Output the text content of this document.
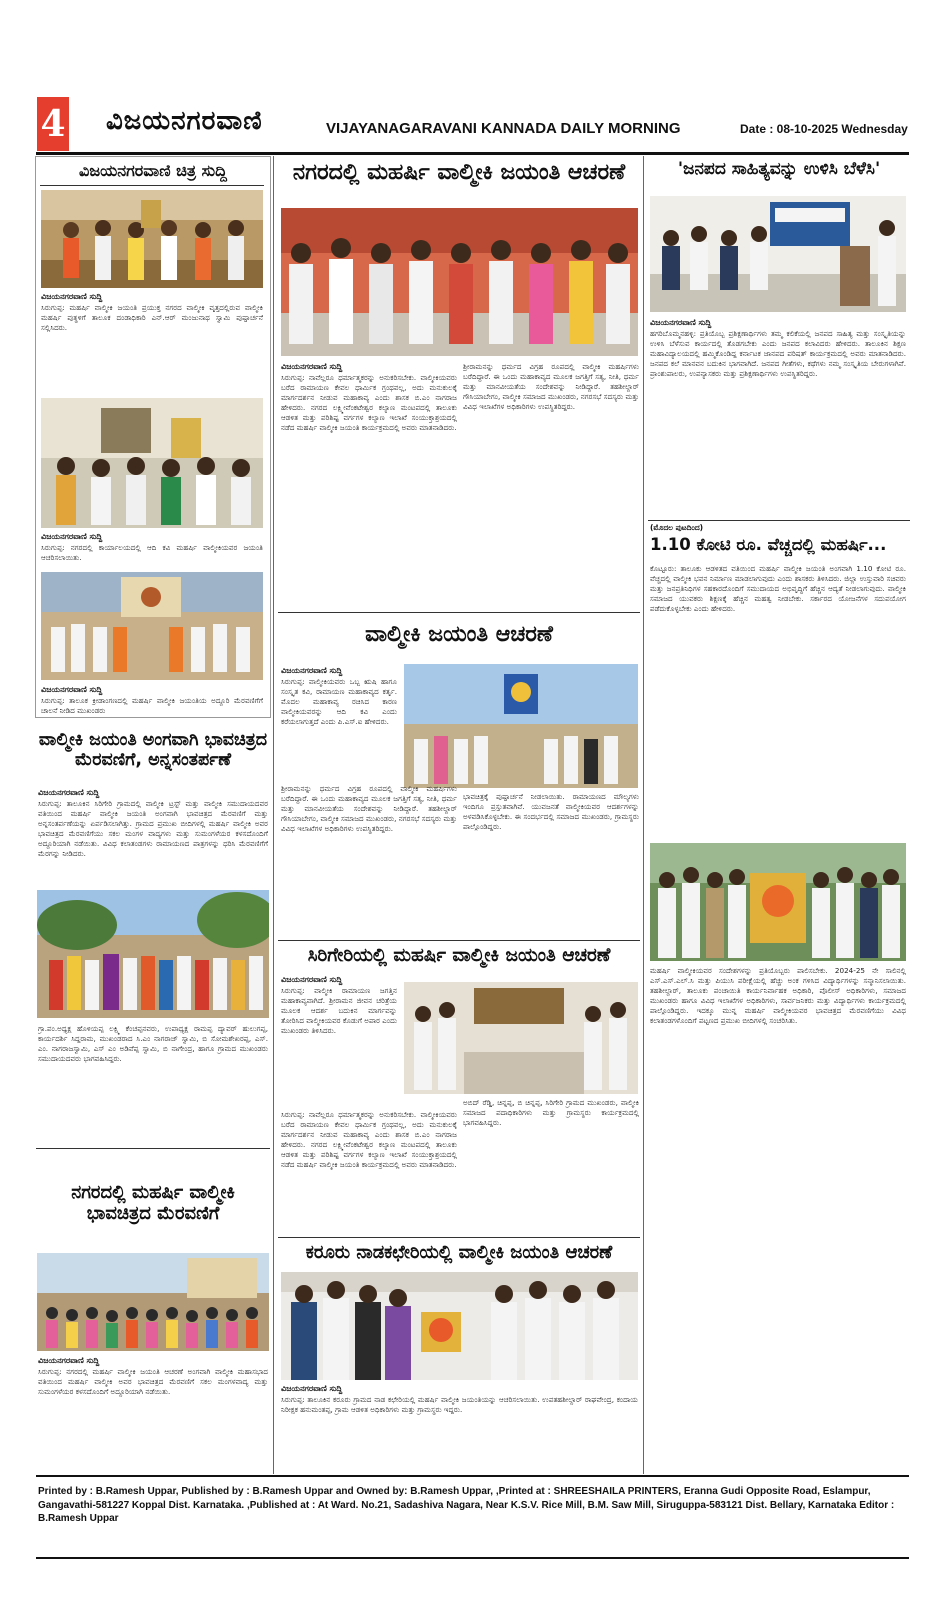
4 ವಿಜಯನಗರವಾಣಿ	VIJAYANAGARAVANI KANNADA DAILY MORNING	Date : 08-10-2025 Wednesday
ವಿಜಯನಗರವಾಣಿ ಚಿತ್ರ ಸುದ್ದಿ
ವಿಜಯನಗರವಾಣಿ ಸುದ್ದಿ
ಸಿರುಗುಪ್ಪ: ಮಹರ್ಷಿ ವಾಲ್ಮೀಕಿ ಜಯಂತಿ ಪ್ರಯುಕ್ತ ನಗರದ ವಾಲ್ಮೀಕಿ ವೃತ್ತದಲ್ಲಿರುವ ವಾಲ್ಮೀಕಿ ಮಹರ್ಷಿ ಪುತ್ಥಳಿಗೆ ತಾಲೂಕ ದಂಡಾಧಿಕಾರಿ ಎನ್.ಆರ್ ಮಂಜುನಾಥ ಸ್ವಾಮಿ ಪುಷ್ಪಾರ್ಚನೆ ಸಲ್ಲಿಸಿದರು.
ವಿಜಯನಗರವಾಣಿ ಸುದ್ದಿ
ಸಿರುಗುಪ್ಪ: ನಗರದಲ್ಲಿ ಕಾರ್ಯಾಲಯದಲ್ಲಿ ಆದಿ ಕವಿ ಮಹರ್ಷಿ ವಾಲ್ಮೀಕಿಯವರ ಜಯಂತಿ ಆಚರಿಸಲಾಯಿತು.
ವಿಜಯನಗರವಾಣಿ ಸುದ್ದಿ
ಸಿರುಗುಪ್ಪ: ತಾಲೂಕ ಕ್ರೀಡಾಂಗಣದಲ್ಲಿ ಮಹರ್ಷಿ ವಾಲ್ಮೀಕಿ ಜಯಂತಿಯ ಅದ್ದೂರಿ ಮೆರವಣಿಗೆಗೆ ಚಾಲನೆ ನೀಡಿದ ಮುಖಂಡರು
ವಾಲ್ಮೀಕಿ ಜಯಂತಿ ಅಂಗವಾಗಿ ಭಾವಚಿತ್ರದ ಮೆರವಣಿಗೆ, ಅನ್ನಸಂತರ್ಪಣೆ
ವಿಜಯನಗರವಾಣಿ ಸುದ್ದಿ
ಸಿರುಗುಪ್ಪ: ತಾಲೂಕಿನ ಸಿರಿಗೇರಿ ಗ್ರಾಮದಲ್ಲಿ ವಾಲ್ಮೀಕಿ ಟ್ರಸ್ಟ್ ಮತ್ತು ವಾಲ್ಮೀಕಿ ಸಮುದಾಯದವರ ವತಿಯಿಂದ ಮಹರ್ಷಿ ವಾಲ್ಮೀಕಿ ಜಯಂತಿ ಅಂಗವಾಗಿ ಭಾವಚಿತ್ರದ ಮೆರವಣಿಗೆ ಮತ್ತು ಅನ್ನಸಂತರ್ಪಣೆಯನ್ನು ಏರ್ಪಡಿಸಲಾಗಿತ್ತು. ಗ್ರಾಮದ ಪ್ರಮುಖ ಬೀದಿಗಳಲ್ಲಿ ಮಹರ್ಷಿ ವಾಲ್ಮೀಕಿ ಅವರ ಭಾವಚಿತ್ರದ ಮೆರವಣಿಗೆಯು ಸಕಲ ಮಂಗಳ ವಾದ್ಯಗಳು ಮತ್ತು ಸುಮಂಗಳೆಯರ ಕಳಸದೊಂದಿಗೆ ಅದ್ದೂರಿಯಾಗಿ ನಡೆಯಿತು. ವಿವಿಧ ಕಲಾತಂಡಗಳು ರಾಮಾಯಣದ ಪಾತ್ರಗಳನ್ನು ಧರಿಸಿ ಮೆರವಣಿಗೆಗೆ ಮೆರಗನ್ನು ನೀಡಿದರು.
ಗ್ರಾ.ಪಂ.ಅಧ್ಯಕ್ಷ ಹೊಳಿಯಪ್ಪ ಲಕ್ಷ್ಮಿ ಕೆಂಚಪ್ಪನವರು, ಉಪಾಧ್ಯಕ್ಷ ರಾಮಪ್ಪ ದ್ಯಾವರ್ ಹುಲುಗಪ್ಪ, ಕಾರ್ಯದರ್ಶಿ ಸಿದ್ದರಾಮ, ಮುಖಂಡರಾದ ಸಿ.ಎಂ ನಾಗರಾಜ್ ಸ್ವಾಮಿ, ಬಿ ಸೋಮಶೇಖರಪ್ಪ, ಎಸ್. ಎಂ. ನಾಗರಾಜಸ್ವಾಮಿ, ಎಸ್ ಎಂ ಅಡಿವೆಪ್ಪ ಸ್ವಾಮಿ, ಬಿ ನಾಗೇಂದ್ರ, ಹಾಗೂ ಗ್ರಾಮದ ಮುಖಂಡರು ಸಮುದಾಯದವರು ಭಾಗವಹಿಸಿದ್ದರು.
ನಗರದಲ್ಲಿ ಮಹರ್ಷಿ ವಾಲ್ಮೀಕಿ ಭಾವಚಿತ್ರದ ಮೆರವಣಿಗೆ
ವಿಜಯನಗರವಾಣಿ ಸುದ್ದಿ
ಸಿರುಗುಪ್ಪ: ನಗರದಲ್ಲಿ ಮಹರ್ಷಿ ವಾಲ್ಮೀಕಿ ಜಯಂತಿ ಆಚರಣೆ ಅಂಗವಾಗಿ ವಾಲ್ಮೀಕಿ ಮಹಾಸಭಾದ ವತಿಯಿಂದ ಮಹರ್ಷಿ ವಾಲ್ಮೀಕಿ ಅವರ ಭಾವಚಿತ್ರದ ಮೆರವಣಿಗೆ ಸಕಲ ಮಂಗಳವಾದ್ಯ ಮತ್ತು ಸುಮಂಗಳೆಯರ ಕಳಸದೊಂದಿಗೆ ಅದ್ದೂರಿಯಾಗಿ ನಡೆಯಿತು.
ನಗರದಲ್ಲಿ ಮಹರ್ಷಿ ವಾಲ್ಮೀಕಿ ಜಯಂತಿ ಆಚರಣೆ
ವಿಜಯನಗರವಾಣಿ ಸುದ್ದಿ
ಸಿರುಗುಪ್ಪ: ನಾವೆಲ್ಲರೂ ಧರ್ಮಾತ್ಮಕರನ್ನು ಅನುಕರಿಸಬೇಕು. ವಾಲ್ಮೀಕಿಯವರು ಬರೆದ ರಾಮಾಯಣ ಕೇವಲ ಧಾರ್ಮಿಕ ಗ್ರಂಥವಲ್ಲ, ಅದು ಮನುಕುಲಕ್ಕೆ ಮಾರ್ಗದರ್ಶನ ನೀಡುವ ಮಹಾಕಾವ್ಯ ಎಂದು ಶಾಸಕ ಬಿ.ಎಂ ನಾಗರಾಜ ಹೇಳಿದರು. ನಗರದ ಲಕ್ಷ್ಮೀವೆಂಕಟೇಶ್ವರ ಕಲ್ಯಾಣ ಮಂಟಪದಲ್ಲಿ ತಾಲೂಕು ಆಡಳಿತ ಮತ್ತು ಪರಿಶಿಷ್ಟ ವರ್ಗಗಳ ಕಲ್ಯಾಣ ಇಲಾಖೆ ಸಂಯುಕ್ತಾಶ್ರಯದಲ್ಲಿ ನಡೆದ ಮಹರ್ಷಿ ವಾಲ್ಮೀಕಿ ಜಯಂತಿ ಕಾರ್ಯಕ್ರಮದಲ್ಲಿ ಅವರು ಮಾತನಾಡಿದರು.
ಶ್ರೀರಾಮನನ್ನು ಧರ್ಮದ ವಿಗ್ರಹ ರೂಪದಲ್ಲಿ ವಾಲ್ಮೀಕಿ ಮಹರ್ಷಿಗಳು ಬರೆದಿದ್ದಾರೆ. ಈ ಒಂದು ಮಹಾಕಾವ್ಯದ ಮೂಲಕ ಜಗತ್ತಿಗೆ ಸತ್ಯ, ನೀತಿ, ಧರ್ಮ ಮತ್ತು ಮಾನವೀಯತೆಯ ಸಂದೇಶವನ್ನು ನೀಡಿದ್ದಾರೆ. ತಹಶೀಲ್ದಾರ್ ಗೌಸಿಯಾಬೇಗಂ, ವಾಲ್ಮೀಕಿ ಸಮಾಜದ ಮುಖಂಡರು, ನಗರಸಭೆ ಸದಸ್ಯರು ಮತ್ತು ವಿವಿಧ ಇಲಾಖೆಗಳ ಅಧಿಕಾರಿಗಳು ಉಪಸ್ಥಿತರಿದ್ದರು.
ವಾಲ್ಮೀಕಿ ಜಯಂತಿ ಆಚರಣೆ
ವಿಜಯನಗರವಾಣಿ ಸುದ್ದಿ
ಸಿರುಗುಪ್ಪ: ವಾಲ್ಮೀಕಿಯವರು ಒಬ್ಬ ಋಷಿ ಹಾಗೂ ಸಂಸ್ಕೃತ ಕವಿ, ರಾಮಾಯಣ ಮಹಾಕಾವ್ಯದ ಕರ್ತೃ. ಮೊದಲ ಮಹಾಕಾವ್ಯ ರಚಿಸಿದ ಕಾರಣ ವಾಲ್ಮೀಕಿಯವರನ್ನು ಆದಿ ಕವಿ ಎಂದು ಕರೆಯಲಾಗುತ್ತದೆ ಎಂದು ಪಿ.ಎಸ್.ಐ ಹೇಳಿದರು.
ಭಾವಚಿತ್ರಕ್ಕೆ ಪುಷ್ಪಾರ್ಚನೆ ನೀಡಲಾಯಿತು. ರಾಮಾಯಣದ ಮೌಲ್ಯಗಳು ಇಂದಿಗೂ ಪ್ರಸ್ತುತವಾಗಿವೆ. ಯುವಜನತೆ ವಾಲ್ಮೀಕಿಯವರ ಆದರ್ಶಗಳನ್ನು ಅಳವಡಿಸಿಕೊಳ್ಳಬೇಕು. ಈ ಸಂದರ್ಭದಲ್ಲಿ ಸಮಾಜದ ಮುಖಂಡರು, ಗ್ರಾಮಸ್ಥರು ಪಾಲ್ಗೊಂಡಿದ್ದರು.
ಶ್ರೀರಾಮನನ್ನು ಧರ್ಮದ ವಿಗ್ರಹ ರೂಪದಲ್ಲಿ ವಾಲ್ಮೀಕಿ ಮಹರ್ಷಿಗಳು ಬರೆದಿದ್ದಾರೆ. ಈ ಒಂದು ಮಹಾಕಾವ್ಯದ ಮೂಲಕ ಜಗತ್ತಿಗೆ ಸತ್ಯ, ನೀತಿ, ಧರ್ಮ ಮತ್ತು ಮಾನವೀಯತೆಯ ಸಂದೇಶವನ್ನು ನೀಡಿದ್ದಾರೆ. ತಹಶೀಲ್ದಾರ್ ಗೌಸಿಯಾಬೇಗಂ, ವಾಲ್ಮೀಕಿ ಸಮಾಜದ ಮುಖಂಡರು, ನಗರಸಭೆ ಸದಸ್ಯರು ಮತ್ತು ವಿವಿಧ ಇಲಾಖೆಗಳ ಅಧಿಕಾರಿಗಳು ಉಪಸ್ಥಿತರಿದ್ದರು.
ಸಿರಿಗೇರಿಯಲ್ಲಿ ಮಹರ್ಷಿ ವಾಲ್ಮೀಕಿ ಜಯಂತಿ ಆಚರಣೆ
ವಿಜಯನಗರವಾಣಿ ಸುದ್ದಿ
ಸಿರುಗುಪ್ಪ: ವಾಲ್ಮೀಕಿ ರಾಮಾಯಣ ಜಗತ್ತಿನ ಮಹಾಕಾವ್ಯವಾಗಿದೆ. ಶ್ರೀರಾಮನ ಜೀವನ ಚರಿತ್ರೆಯ ಮೂಲಕ ಆದರ್ಶ ಬದುಕಿನ ಮಾರ್ಗವನ್ನು ತೋರಿಸಿದ ವಾಲ್ಮೀಕಿಯವರ ಕೊಡುಗೆ ಅಪಾರ ಎಂದು ಮುಖಂಡರು ತಿಳಿಸಿದರು.
ಸಿರುಗುಪ್ಪ: ನಾವೆಲ್ಲರೂ ಧರ್ಮಾತ್ಮಕರನ್ನು ಅನುಕರಿಸಬೇಕು. ವಾಲ್ಮೀಕಿಯವರು ಬರೆದ ರಾಮಾಯಣ ಕೇವಲ ಧಾರ್ಮಿಕ ಗ್ರಂಥವಲ್ಲ, ಅದು ಮನುಕುಲಕ್ಕೆ ಮಾರ್ಗದರ್ಶನ ನೀಡುವ ಮಹಾಕಾವ್ಯ ಎಂದು ಶಾಸಕ ಬಿ.ಎಂ ನಾಗರಾಜ ಹೇಳಿದರು. ನಗರದ ಲಕ್ಷ್ಮೀವೆಂಕಟೇಶ್ವರ ಕಲ್ಯಾಣ ಮಂಟಪದಲ್ಲಿ ತಾಲೂಕು ಆಡಳಿತ ಮತ್ತು ಪರಿಶಿಷ್ಟ ವರ್ಗಗಳ ಕಲ್ಯಾಣ ಇಲಾಖೆ ಸಂಯುಕ್ತಾಶ್ರಯದಲ್ಲಿ ನಡೆದ ಮಹರ್ಷಿ ವಾಲ್ಮೀಕಿ ಜಯಂತಿ ಕಾರ್ಯಕ್ರಮದಲ್ಲಿ ಅವರು ಮಾತನಾಡಿದರು.
ಅಬಿದ್ ರೆಡ್ಡಿ, ಚಿನ್ನಪ್ಪ, ಬಿ ಚಿನ್ನಪ್ಪ, ಸಿರಿಗೇರಿ ಗ್ರಾಮದ ಮುಖಂಡರು, ವಾಲ್ಮೀಕಿ ಸಮಾಜದ ಪದಾಧಿಕಾರಿಗಳು ಮತ್ತು ಗ್ರಾಮಸ್ಥರು ಕಾರ್ಯಕ್ರಮದಲ್ಲಿ ಭಾಗವಹಿಸಿದ್ದರು.
ಕರೂರು ನಾಡಕಛೇರಿಯಲ್ಲಿ ವಾಲ್ಮೀಕಿ ಜಯಂತಿ ಆಚರಣೆ
ವಿಜಯನಗರವಾಣಿ ಸುದ್ದಿ
ಸಿರುಗುಪ್ಪ: ತಾಲೂಕಿನ ಕರೂರು ಗ್ರಾಮದ ನಾಡ ಕಛೇರಿಯಲ್ಲಿ ಮಹರ್ಷಿ ವಾಲ್ಮೀಕಿ ಜಯಂತಿಯನ್ನು ಆಚರಿಸಲಾಯಿತು. ಉಪತಹಶೀಲ್ದಾರ್ ರಾಘವೇಂದ್ರ, ಕಂದಾಯ ನಿರೀಕ್ಷಕ ಹನುಮಂತಪ್ಪ, ಗ್ರಾಮ ಆಡಳಿತ ಅಧಿಕಾರಿಗಳು ಮತ್ತು ಗ್ರಾಮಸ್ಥರು ಇದ್ದರು.
'ಜನಪದ ಸಾಹಿತ್ಯವನ್ನು ಉಳಿಸಿ ಬೆಳೆಸಿ'
ವಿಜಯನಗರವಾಣಿ ಸುದ್ದಿ
ಹಗರಿಬೊಮ್ಮನಹಳ್ಳಿ: ಪ್ರತಿಯೊಬ್ಬ ಪ್ರಶಿಕ್ಷಣಾರ್ಥಿಗಳು ತಮ್ಮ ಕಲಿಕೆಯಲ್ಲಿ ಜನಪದ ಸಾಹಿತ್ಯ ಮತ್ತು ಸಂಸ್ಕೃತಿಯನ್ನು ಉಳಿಸಿ ಬೆಳೆಸುವ ಕಾರ್ಯದಲ್ಲಿ ತೊಡಗಬೇಕು ಎಂದು ಜನಪದ ಕಲಾವಿದರು ಹೇಳಿದರು. ತಾಲೂಕಿನ ಶಿಕ್ಷಣ ಮಹಾವಿದ್ಯಾಲಯದಲ್ಲಿ ಹಮ್ಮಿಕೊಂಡಿದ್ದ ಕರ್ನಾಟಕ ಜಾನಪದ ಪರಿಷತ್ ಕಾರ್ಯಕ್ರಮದಲ್ಲಿ ಅವರು ಮಾತನಾಡಿದರು. ಜನಪದ ಕಲೆ ಮಾನವನ ಬದುಕಿನ ಭಾಗವಾಗಿದೆ. ಜನಪದ ಗೀತೆಗಳು, ಕಥೆಗಳು ನಮ್ಮ ಸಂಸ್ಕೃತಿಯ ಬೇರುಗಳಾಗಿವೆ. ಪ್ರಾಂಶುಪಾಲರು, ಉಪನ್ಯಾಸಕರು ಮತ್ತು ಪ್ರಶಿಕ್ಷಣಾರ್ಥಿಗಳು ಉಪಸ್ಥಿತರಿದ್ದರು.
(ಮೊದಲ ಪುಟದಿಂದ)
1.10 ಕೋಟಿ ರೂ. ವೆಚ್ಚದಲ್ಲಿ ಮಹರ್ಷಿ...
ಕೊಟ್ಟೂರು: ತಾಲೂಕು ಆಡಳಿತದ ವತಿಯಿಂದ ಮಹರ್ಷಿ ವಾಲ್ಮೀಕಿ ಜಯಂತಿ ಅಂಗವಾಗಿ 1.10 ಕೋಟಿ ರೂ. ವೆಚ್ಚದಲ್ಲಿ ವಾಲ್ಮೀಕಿ ಭವನ ನಿರ್ಮಾಣ ಮಾಡಲಾಗುವುದು ಎಂದು ಶಾಸಕರು ತಿಳಿಸಿದರು. ಜಿಲ್ಲಾ ಉಸ್ತುವಾರಿ ಸಚಿವರು ಮತ್ತು ಜನಪ್ರತಿನಿಧಿಗಳ ಸಹಕಾರದೊಂದಿಗೆ ಸಮುದಾಯದ ಅಭಿವೃದ್ಧಿಗೆ ಹೆಚ್ಚಿನ ಆದ್ಯತೆ ನೀಡಲಾಗುವುದು. ವಾಲ್ಮೀಕಿ ಸಮಾಜದ ಯುವಕರು ಶಿಕ್ಷಣಕ್ಕೆ ಹೆಚ್ಚಿನ ಮಹತ್ವ ನೀಡಬೇಕು. ಸರ್ಕಾರದ ಯೋಜನೆಗಳ ಸದುಪಯೋಗ ಪಡೆದುಕೊಳ್ಳಬೇಕು ಎಂದು ಹೇಳಿದರು.
ಮಹರ್ಷಿ ವಾಲ್ಮೀಕಿಯವರ ಸಂದೇಶಗಳನ್ನು ಪ್ರತಿಯೊಬ್ಬರು ಪಾಲಿಸಬೇಕು. 2024-25 ನೇ ಸಾಲಿನಲ್ಲಿ ಎಸ್.ಎಸ್.ಎಲ್.ಸಿ ಮತ್ತು ಪಿಯುಸಿ ಪರೀಕ್ಷೆಯಲ್ಲಿ ಹೆಚ್ಚು ಅಂಕ ಗಳಿಸಿದ ವಿದ್ಯಾರ್ಥಿಗಳನ್ನು ಸನ್ಮಾನಿಸಲಾಯಿತು. ತಹಶೀಲ್ದಾರ್, ತಾಲೂಕು ಪಂಚಾಯಿತಿ ಕಾರ್ಯನಿರ್ವಾಹಕ ಅಧಿಕಾರಿ, ಪೊಲೀಸ್ ಅಧಿಕಾರಿಗಳು, ಸಮಾಜದ ಮುಖಂಡರು ಹಾಗೂ ವಿವಿಧ ಇಲಾಖೆಗಳ ಅಧಿಕಾರಿಗಳು, ಸಾರ್ವಜನಿಕರು ಮತ್ತು ವಿದ್ಯಾರ್ಥಿಗಳು ಕಾರ್ಯಕ್ರಮದಲ್ಲಿ ಪಾಲ್ಗೊಂಡಿದ್ದರು. ಇದಕ್ಕೂ ಮುನ್ನ ಮಹರ್ಷಿ ವಾಲ್ಮೀಕಿಯವರ ಭಾವಚಿತ್ರದ ಮೆರವಣಿಗೆಯು ವಿವಿಧ ಕಲಾತಂಡಗಳೊಂದಿಗೆ ಪಟ್ಟಣದ ಪ್ರಮುಖ ಬೀದಿಗಳಲ್ಲಿ ಸಂಚರಿಸಿತು.
Printed by : B.Ramesh Uppar, Published by : B.Ramesh Uppar and Owned by: B.Ramesh Uppar, ,Printed at : SHREESHAILA PRINTERS, Eranna Gudi Opposite Road, Eslampur, Gangavathi-581227 Koppal Dist. Karnataka. ,Published at : At Ward. No.21, Sadashiva Nagara, Near K.S.V. Rice Mill, B.M. Saw Mill, Siruguppa-583121 Dist. Bellary, Karnataka Editor : B.Ramesh Uppar
